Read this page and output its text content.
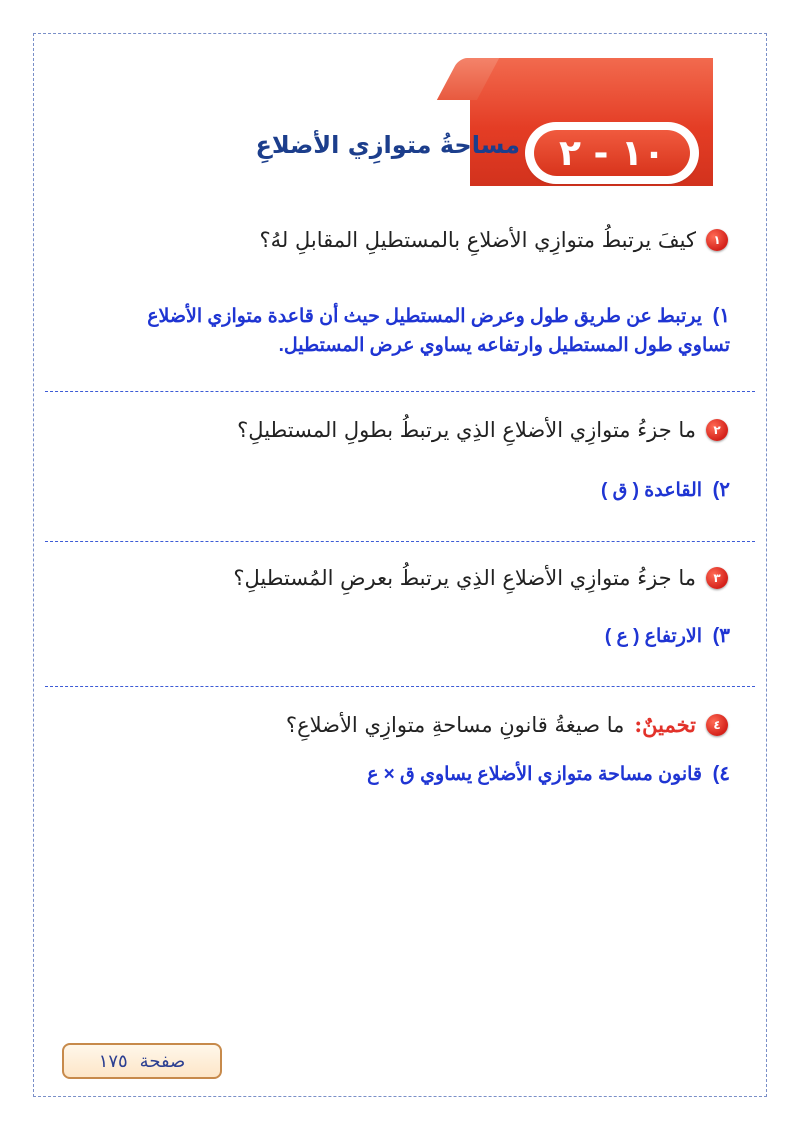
١٠ - ٢
مساحةُ متوازِي الأضلاعِ
١
كيفَ يرتبطُ متوازِي الأضلاعِ بالمستطيلِ المقابلِ لهُ؟
١)  يرتبط عن طريق طول وعرض المستطيل حيث أن قاعدة متوازي الأضلاع
تساوي طول المستطيل وارتفاعه يساوي عرض المستطيل.
٢
ما جزءُ متوازِي الأضلاعِ الذِي يرتبطُ بطولِ المستطيلِ؟
٢)  القاعدة ( ق )
٣
ما جزءُ متوازِي الأضلاعِ الذِي يرتبطُ بعرضِ المُستطيلِ؟
٣)  الارتفاع ( ع )
٤
تخمينٌ:
ما صيغةُ قانونِ مساحةِ متوازِي الأضلاعِ؟
٤)  قانون مساحة متوازي الأضلاع يساوي ق × ع
صفحة
١٧٥
